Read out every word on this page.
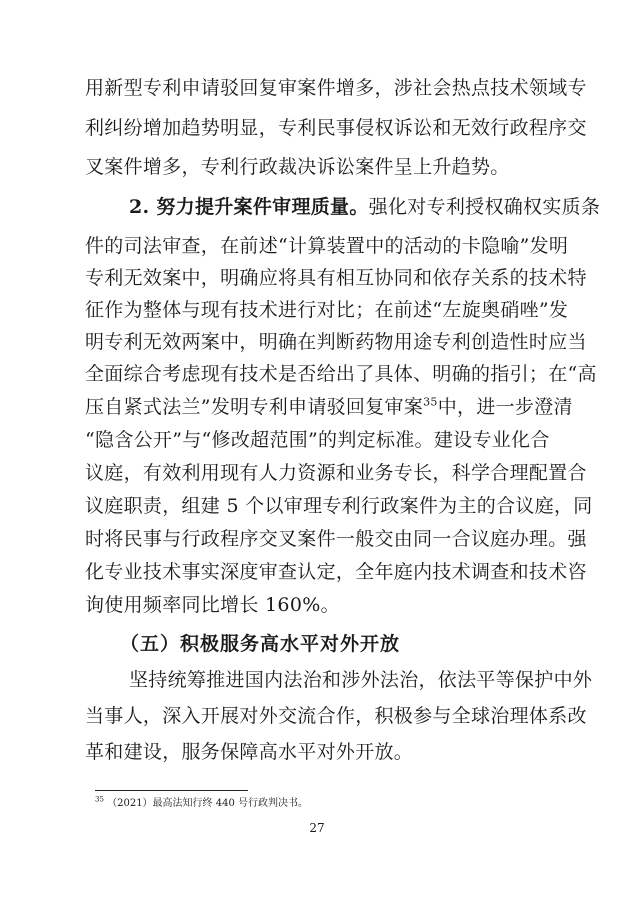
用新型专利申请驳回复审案件增多，涉社会热点技术领域专
利纠纷增加趋势明显，专利民事侵权诉讼和无效行政程序交
叉案件增多，专利行政裁决诉讼案件呈上升趋势。
2. 努力提升案件审理质量。强化对专利授权确权实质条
件的司法审查，在前述“计算装置中的活动的卡隐喻”发明
专利无效案中，明确应将具有相互协同和依存关系的技术特
征作为整体与现有技术进行对比；在前述“左旋奥硝唑”发
明专利无效两案中，明确在判断药物用途专利创造性时应当
全面综合考虑现有技术是否给出了具体、明确的指引；在“高
压自紧式法兰”发明专利申请驳回复审案$^{35}$中，进一步澄清
“隐含公开”与“修改超范围”的判定标准。建设专业化合
议庭，有效利用现有人力资源和业务专长，科学合理配置合
议庭职责，组建 5 个以审理专利行政案件为主的合议庭，同
时将民事与行政程序交叉案件一般交由同一合议庭办理。强
化专业技术事实深度审查认定，全年庭内技术调查和技术咨
询使用频率同比增长 160%。
（五）积极服务高水平对外开放
坚持统筹推进国内法治和涉外法治，依法平等保护中外
当事人，深入开展对外交流合作，积极参与全球治理体系改
革和建设，服务保障高水平对外开放。
$^{35}$ （2021）最高法知行终 440 号行政判决书。
27
